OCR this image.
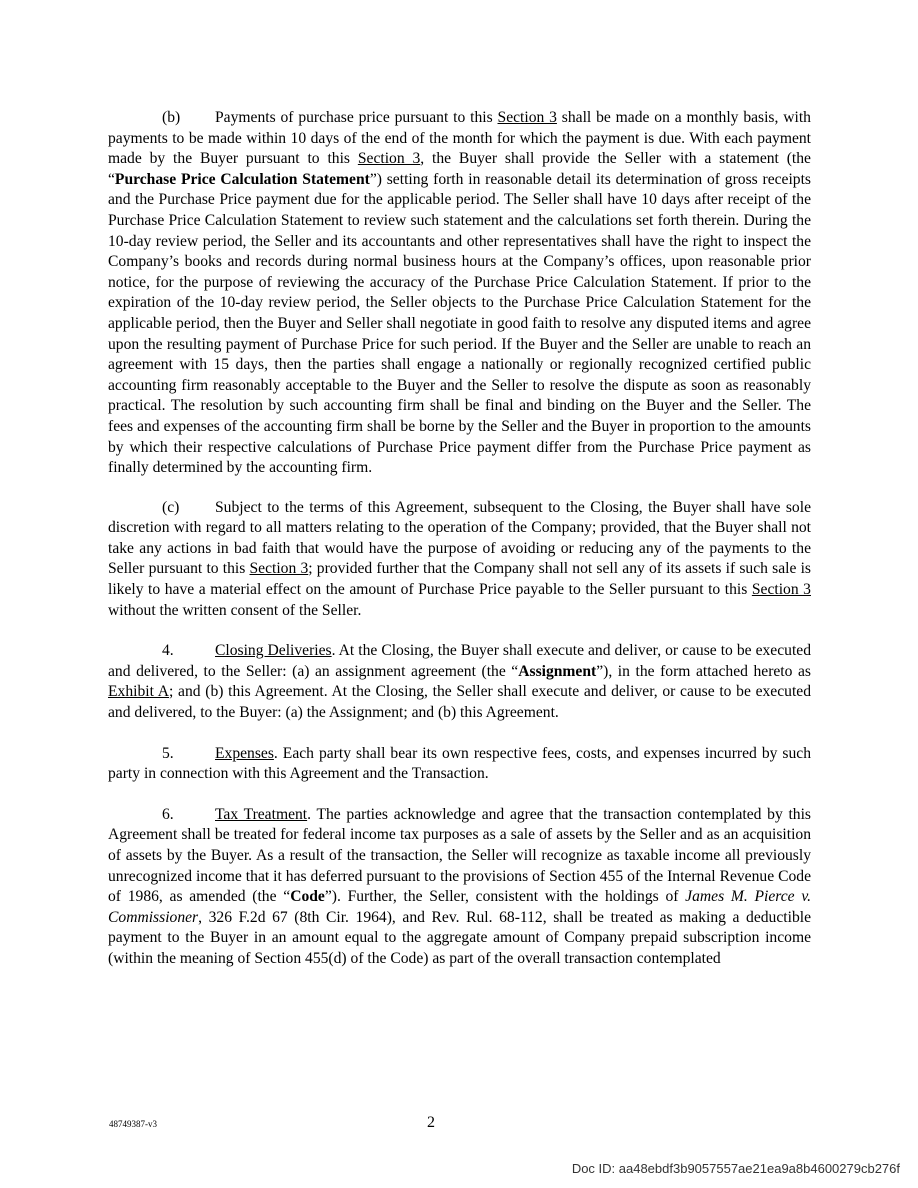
(b) Payments of purchase price pursuant to this Section 3 shall be made on a monthly basis, with payments to be made within 10 days of the end of the month for which the payment is due. With each payment made by the Buyer pursuant to this Section 3, the Buyer shall provide the Seller with a statement (the “Purchase Price Calculation Statement”) setting forth in reasonable detail its determination of gross receipts and the Purchase Price payment due for the applicable period. The Seller shall have 10 days after receipt of the Purchase Price Calculation Statement to review such statement and the calculations set forth therein. During the 10-day review period, the Seller and its accountants and other representatives shall have the right to inspect the Company’s books and records during normal business hours at the Company’s offices, upon reasonable prior notice, for the purpose of reviewing the accuracy of the Purchase Price Calculation Statement. If prior to the expiration of the 10-day review period, the Seller objects to the Purchase Price Calculation Statement for the applicable period, then the Buyer and Seller shall negotiate in good faith to resolve any disputed items and agree upon the resulting payment of Purchase Price for such period. If the Buyer and the Seller are unable to reach an agreement with 15 days, then the parties shall engage a nationally or regionally recognized certified public accounting firm reasonably acceptable to the Buyer and the Seller to resolve the dispute as soon as reasonably practical. The resolution by such accounting firm shall be final and binding on the Buyer and the Seller. The fees and expenses of the accounting firm shall be borne by the Seller and the Buyer in proportion to the amounts by which their respective calculations of Purchase Price payment differ from the Purchase Price payment as finally determined by the accounting firm.

(c) Subject to the terms of this Agreement, subsequent to the Closing, the Buyer shall have sole discretion with regard to all matters relating to the operation of the Company; provided, that the Buyer shall not take any actions in bad faith that would have the purpose of avoiding or reducing any of the payments to the Seller pursuant to this Section 3; provided further that the Company shall not sell any of its assets if such sale is likely to have a material effect on the amount of Purchase Price payable to the Seller pursuant to this Section 3 without the written consent of the Seller.

4.	Closing Deliveries. At the Closing, the Buyer shall execute and deliver, or cause to be executed and delivered, to the Seller: (a) an assignment agreement (the “Assignment”), in the form attached hereto as Exhibit A; and (b) this Agreement. At the Closing, the Seller shall execute and deliver, or cause to be executed and delivered, to the Buyer: (a) the Assignment; and (b) this Agreement.

5.	Expenses. Each party shall bear its own respective fees, costs, and expenses incurred by such party in connection with this Agreement and the Transaction.

6.	Tax Treatment. The parties acknowledge and agree that the transaction contemplated by this Agreement shall be treated for federal income tax purposes as a sale of assets by the Seller and as an acquisition of assets by the Buyer. As a result of the transaction, the Seller will recognize as taxable income all previously unrecognized income that it has deferred pursuant to the provisions of Section 455 of the Internal Revenue Code of 1986, as amended (the “Code”). Further, the Seller, consistent with the holdings of James M. Pierce v. Commissioner, 326 F.2d 67 (8th Cir. 1964), and Rev. Rul. 68-112, shall be treated as making a deductible payment to the Buyer in an amount equal to the aggregate amount of Company prepaid subscription income (within the meaning of Section 455(d) of the Code) as part of the overall transaction contemplated

48749387-v3	2
Doc ID: aa48ebdf3b9057557ae21ea9a8b4600279cb276f
